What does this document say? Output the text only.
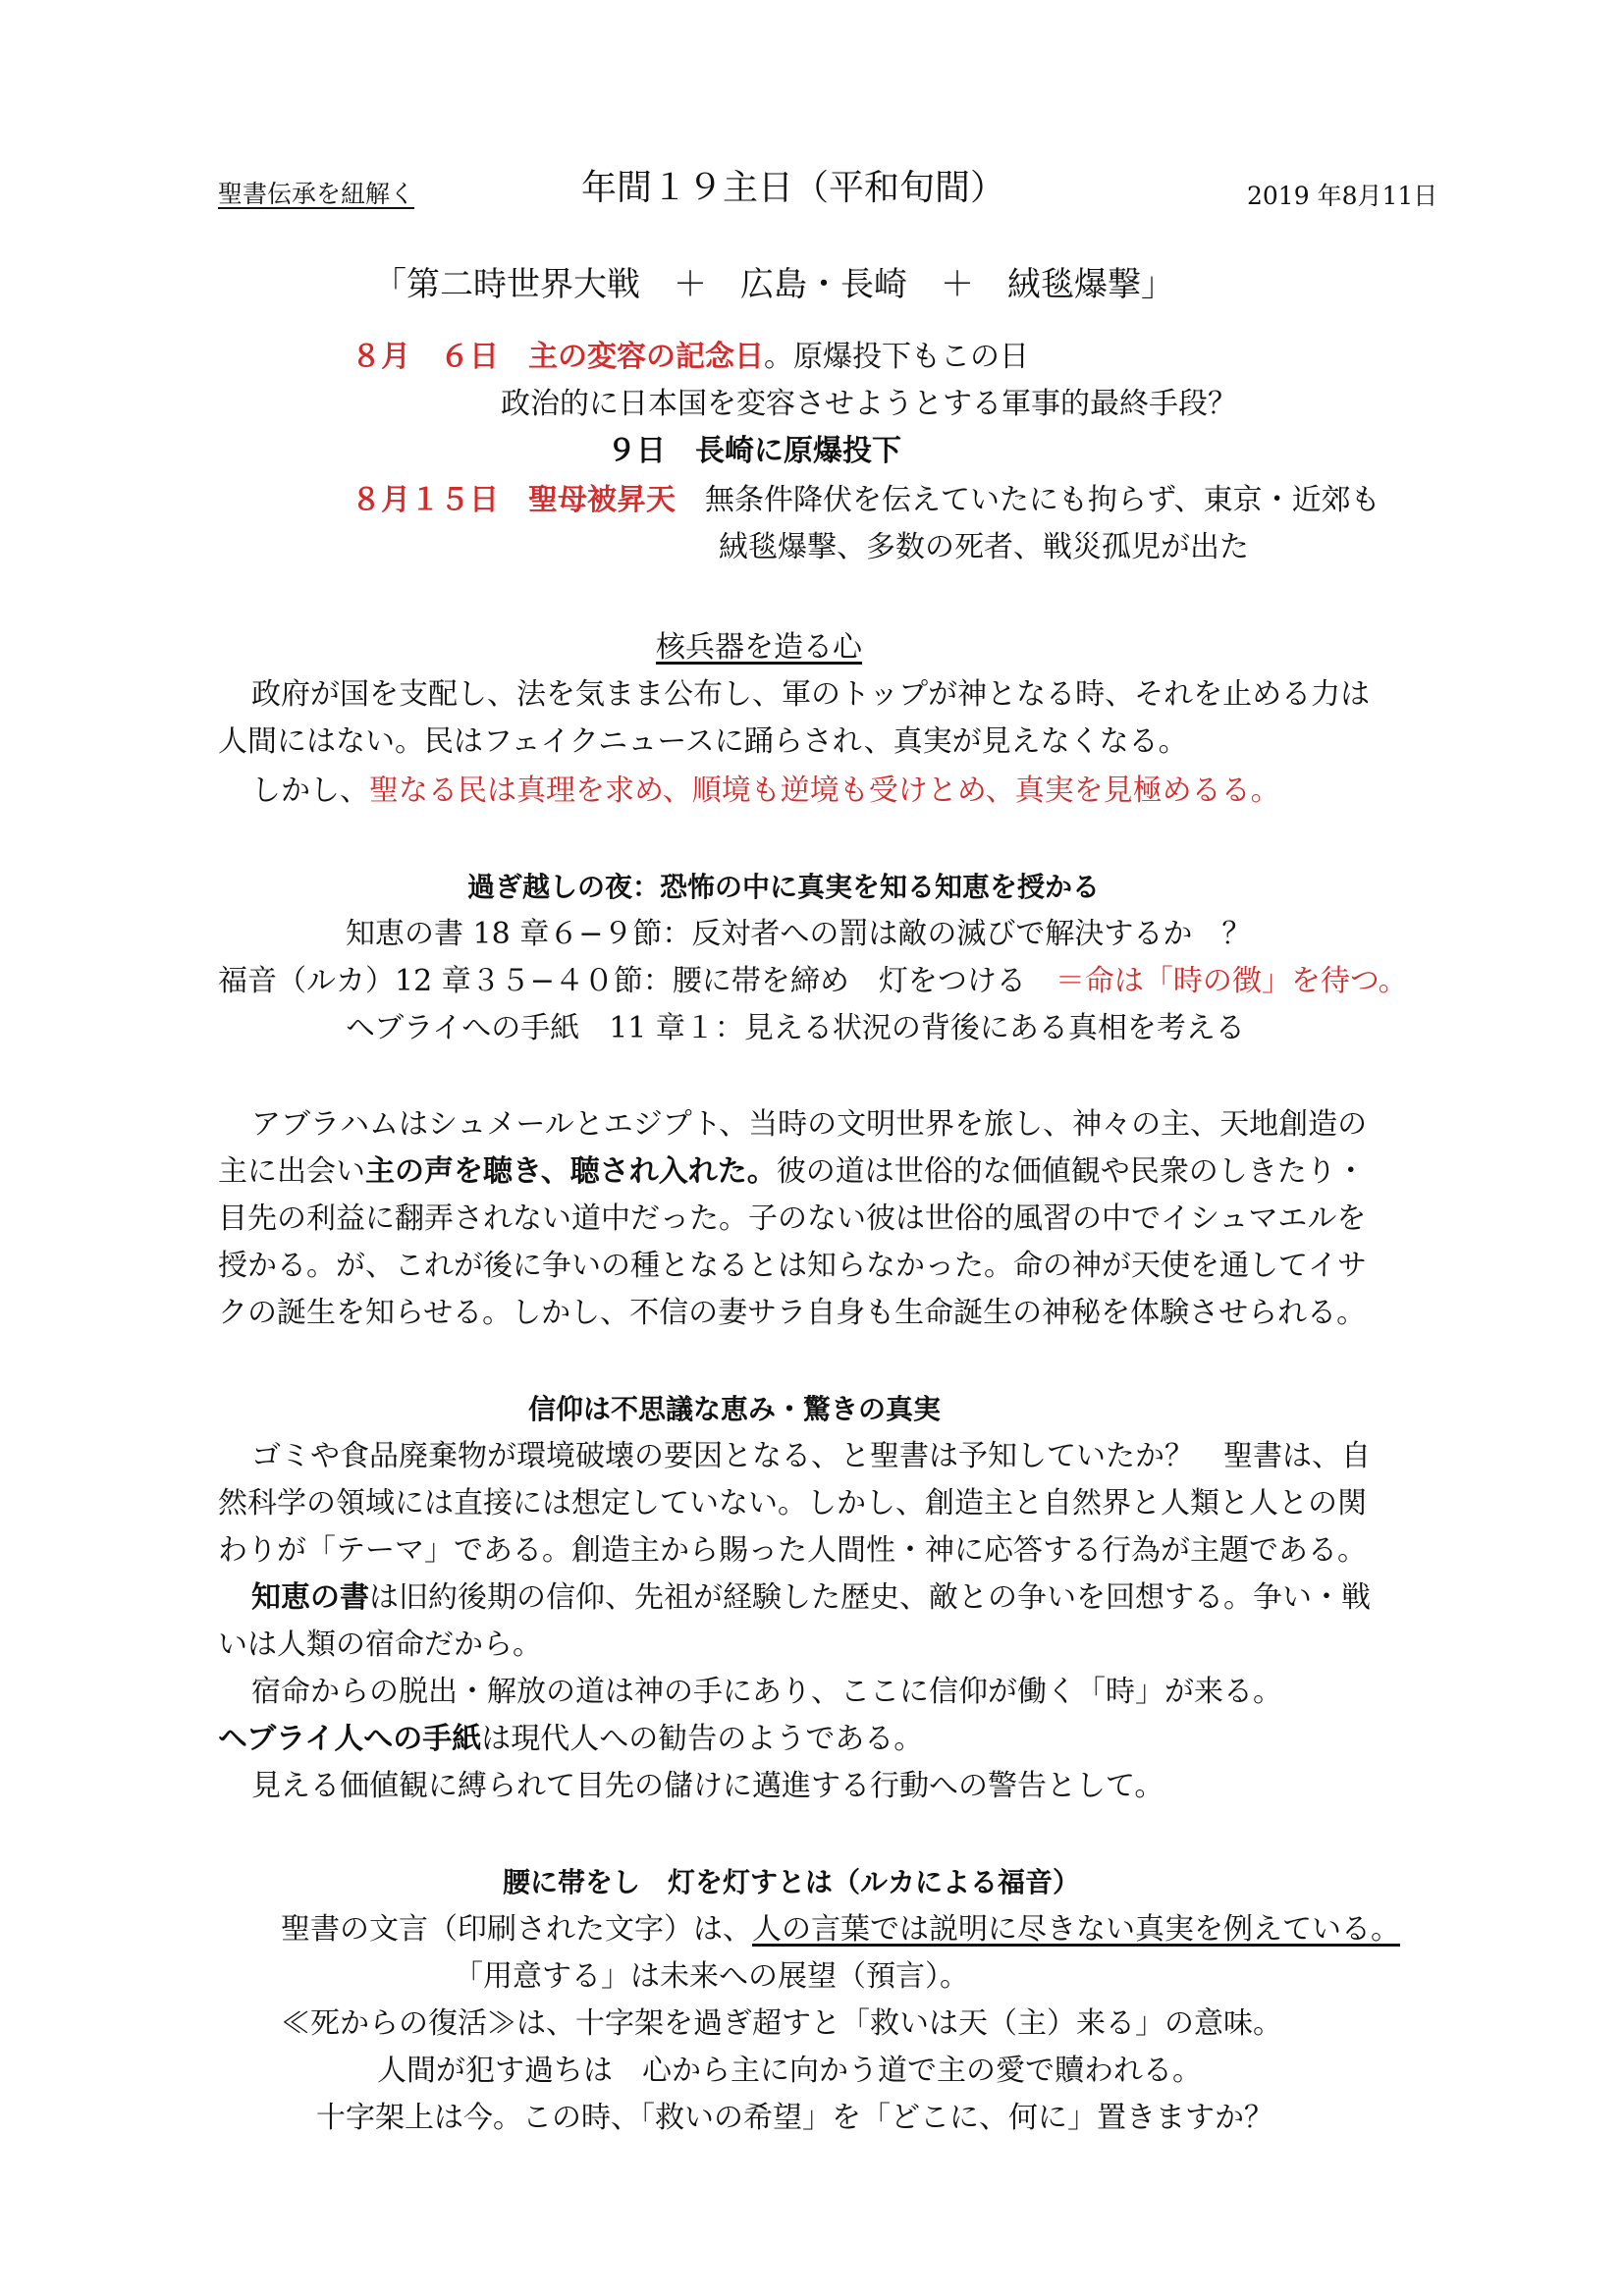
聖書伝承を紐解く	年間１９主日（平和旬間）	2019 年8月11日
「第二時世界大戦　＋　広島・長崎　＋　絨毯爆撃」
８月　６日　主の変容の記念日。原爆投下もこの日
政治的に日本国を変容させようとする軍事的最終手段？
９日　長崎に原爆投下
８月１５日　聖母被昇天 無条件降伏を伝えていたにも拘らず、東京・近郊も
絨毯爆撃、多数の死者、戦災孤児が出た
核兵器を造る心
政府が国を支配し、法を気まま公布し、軍のトップが神となる時、それを止める力は
人間にはない。民はフェイクニュースに踊らされ、真実が見えなくなる。
しかし、聖なる民は真理を求め、順境も逆境も受けとめ、真実を見極めるる。
過ぎ越しの夜：恐怖の中に真実を知る知恵を授かる
知恵の書 18 章６−９節：反対者への罰は敵の滅びで解決するか　？
福音（ルカ）12 章３５−４０節：腰に帯を締め　灯をつける　＝命は「時の徴」を待つ。
ヘブライへの手紙　11 章１：見える状況の背後にある真相を考える
アブラハムはシュメールとエジプト、当時の文明世界を旅し、神々の主、天地創造の
主に出会い主の声を聴き、聴され入れた。彼の道は世俗的な価値観や民衆のしきたり・
目先の利益に翻弄されない道中だった。子のない彼は世俗的風習の中でイシュマエルを
授かる。が、これが後に争いの種となるとは知らなかった。命の神が天使を通してイサ
クの誕生を知らせる。しかし、不信の妻サラ自身も生命誕生の神秘を体験させられる。
信仰は不思議な恵み・驚きの真実
ゴミや食品廃棄物が環境破壊の要因となる、と聖書は予知していたか？　聖書は、自
然科学の領域には直接には想定していない。しかし、創造主と自然界と人類と人との関
わりが「テーマ」である。創造主から賜った人間性・神に応答する行為が主題である。
知恵の書は旧約後期の信仰、先祖が経験した歴史、敵との争いを回想する。争い・戦
いは人類の宿命だから。
宿命からの脱出・解放の道は神の手にあり、ここに信仰が働く「時」が来る。
ヘブライ人への手紙は現代人への勧告のようである。
見える価値観に縛られて目先の儲けに邁進する行動への警告として。
腰に帯をし　灯を灯すとは（ルカによる福音）
聖書の文言（印刷された文字）は、人の言葉では説明に尽きない真実を例えている。
「用意する」は未来への展望（預言）。
≪死からの復活≫は、十字架を過ぎ超すと「救いは天（主）来る」の意味。
人間が犯す過ちは　心から主に向かう道で主の愛で贖われる。
十字架上は今。この時、「救いの希望」を「どこに、何に」置きますか？
